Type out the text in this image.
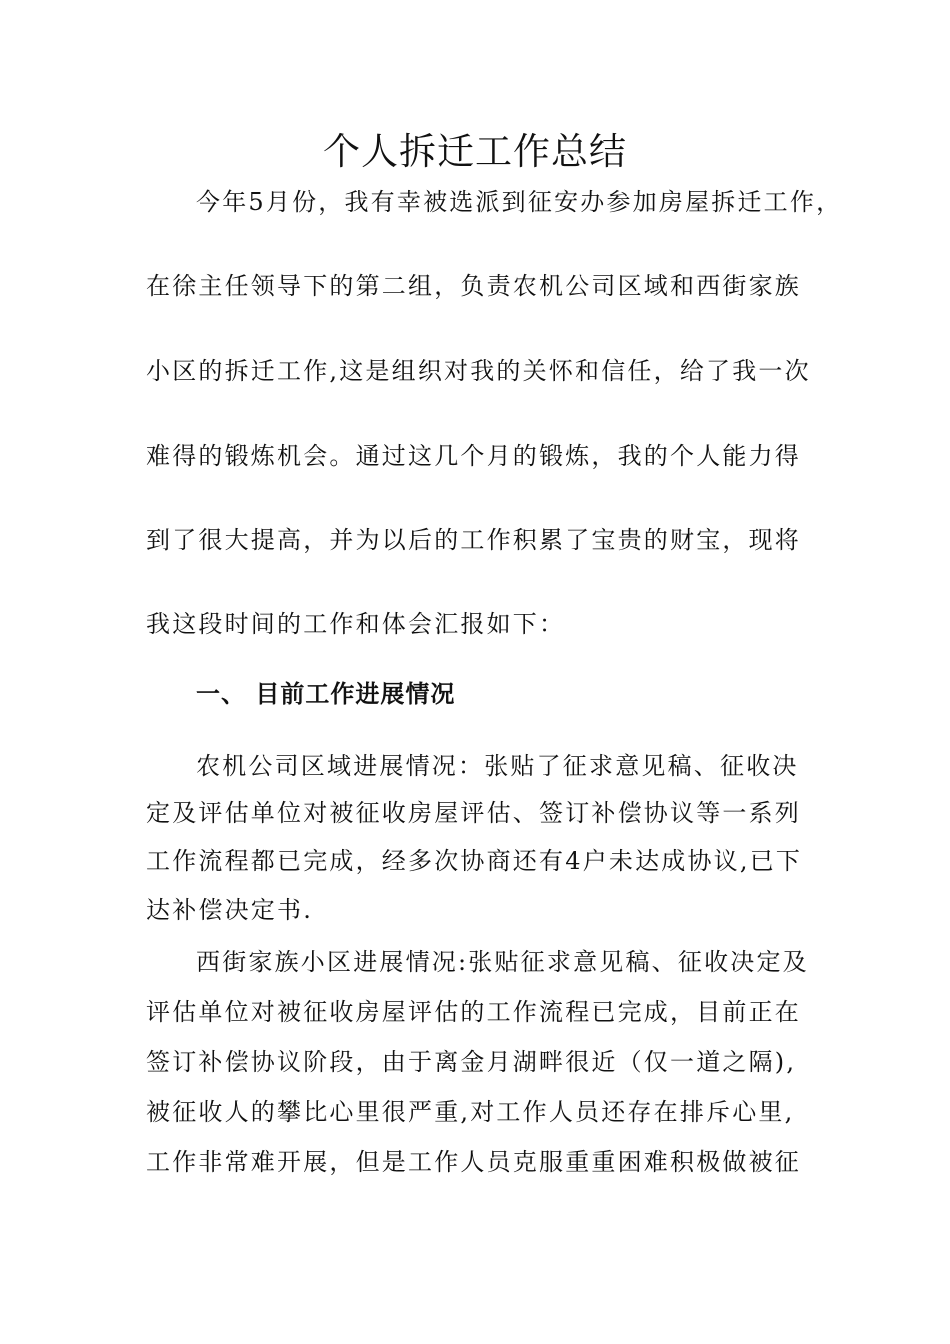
个人拆迁工作总结
今年5月份，我有幸被选派到征安办参加房屋拆迁工作，
在徐主任领导下的第二组，负责农机公司区域和西街家族
小区的拆迁工作,这是组织对我的关怀和信任，给了我一次
难得的锻炼机会。通过这几个月的锻炼，我的个人能力得
到了很大提高，并为以后的工作积累了宝贵的财宝，现将
我这段时间的工作和体会汇报如下：
一、 目前工作进展情况
农机公司区域进展情况：张贴了征求意见稿、征收决
定及评估单位对被征收房屋评估、签订补偿协议等一系列
工作流程都已完成，经多次协商还有4户未达成协议,已下
达补偿决定书.
西街家族小区进展情况:张贴征求意见稿、征收决定及
评估单位对被征收房屋评估的工作流程已完成，目前正在
签订补偿协议阶段，由于离金月湖畔很近（仅一道之隔),
被征收人的攀比心里很严重,对工作人员还存在排斥心里,
工作非常难开展，但是工作人员克服重重困难积极做被征
